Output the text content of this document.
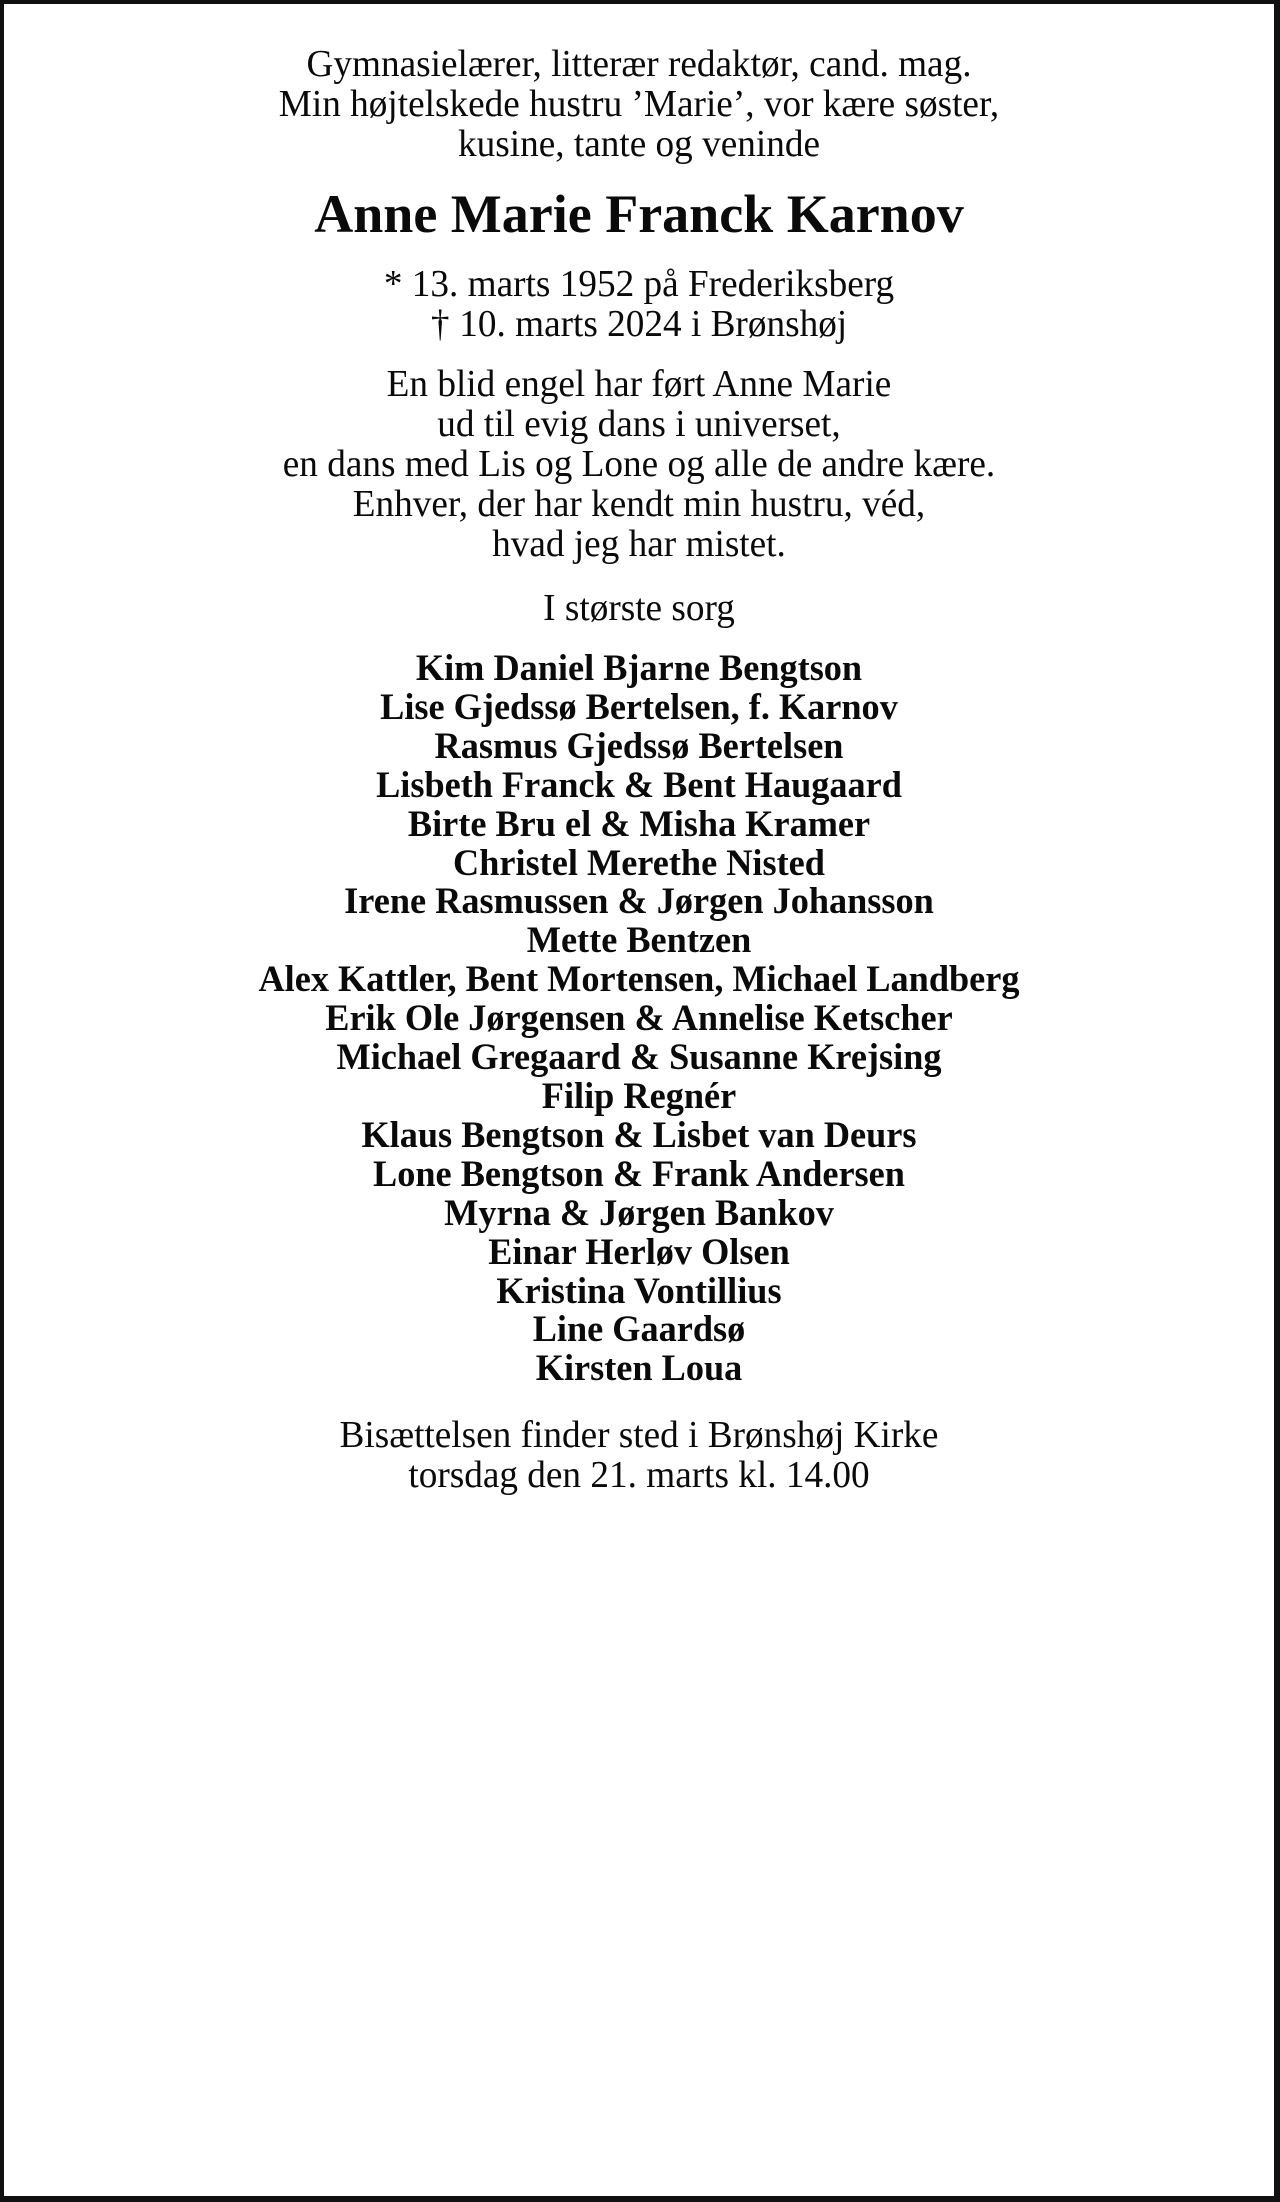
Gymnasielærer, litterær redaktør, cand. mag.
Min højtelskede hustru ’Marie’, vor kære søster,
kusine, tante og veninde
Anne Marie Franck Karnov
* 13. marts 1952 på Frederiksberg
† 10. marts 2024 i Brønshøj
En blid engel har ført Anne Marie
ud til evig dans i universet,
en dans med Lis og Lone og alle de andre kære.
Enhver, der har kendt min hustru, véd,
hvad jeg har mistet.
I største sorg
Kim Daniel Bjarne Bengtson
Lise Gjedssø Bertelsen, f. Karnov
Rasmus Gjedssø Bertelsen
Lisbeth Franck & Bent Haugaard
Birte Bru el & Misha Kramer
Christel Merethe Nisted
Irene Rasmussen & Jørgen Johansson
Mette Bentzen
Alex Kattler, Bent Mortensen, Michael Landberg
Erik Ole Jørgensen & Annelise Ketscher
Michael Gregaard & Susanne Krejsing
Filip Regnér
Klaus Bengtson & Lisbet van Deurs
Lone Bengtson & Frank Andersen
Myrna & Jørgen Bankov
Einar Herløv Olsen
Kristina Vontillius
Line Gaardsø
Kirsten Loua
Bisættelsen finder sted i Brønshøj Kirke
torsdag den 21. marts kl. 14.00
